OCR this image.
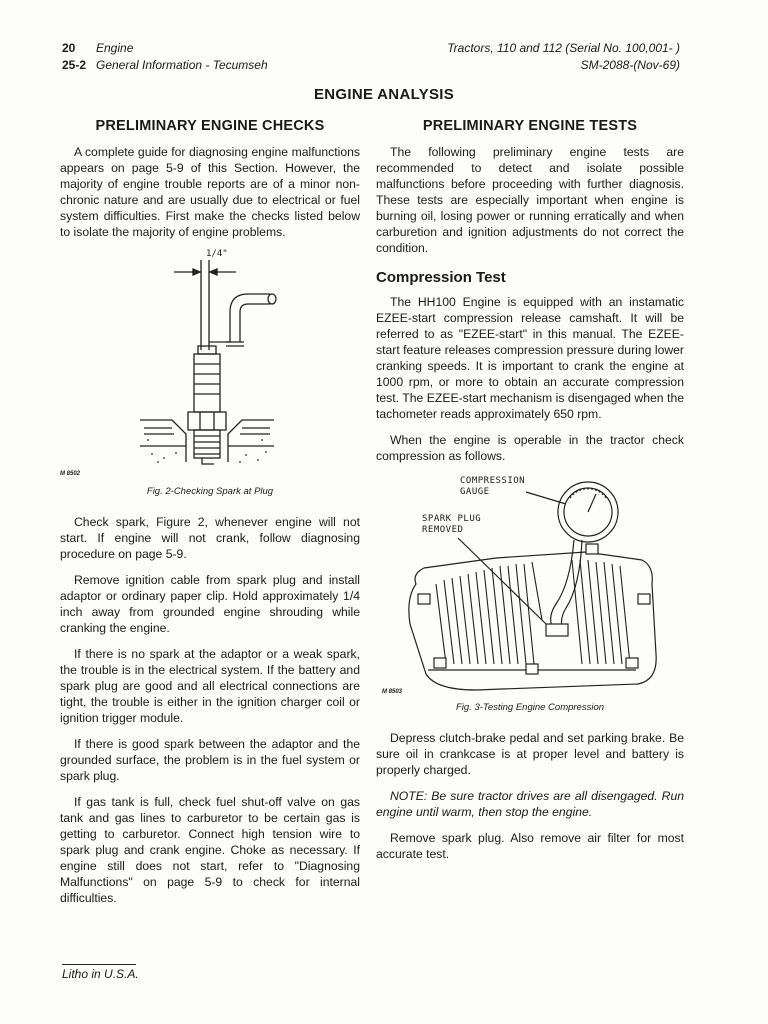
20 Engine
25-2 General Information - Tecumseh
Tractors, 110 and 112 (Serial No. 100,001- )
SM-2088-(Nov-69)
ENGINE ANALYSIS
PRELIMINARY ENGINE CHECKS

A complete guide for diagnosing engine malfunctions appears on page 5-9 of this Section. However, the majority of engine trouble reports are of a minor non-chronic nature and are usually due to electrical or fuel system difficulties. First make the checks listed below to isolate the majority of engine problems.

1/4"
M 8502
Fig. 2-Checking Spark at Plug

Check spark, Figure 2, whenever engine will not start. If engine will not crank, follow diagnosing procedure on page 5-9.

Remove ignition cable from spark plug and install adaptor or ordinary paper clip. Hold approximately 1/4 inch away from grounded engine shrouding while cranking the engine.

If there is no spark at the adaptor or a weak spark, the trouble is in the electrical system. If the battery and spark plug are good and all electrical connections are tight, the trouble is either in the ignition charger coil or ignition trigger module.

If there is good spark between the adaptor and the grounded surface, the problem is in the fuel system or spark plug.

If gas tank is full, check fuel shut-off valve on gas tank and gas lines to carburetor to be certain gas is getting to carburetor. Connect high tension wire to spark plug and crank engine. Choke as necessary. If engine still does not start, refer to "Diagnosing Malfunctions" on page 5-9 to check for internal difficulties.

PRELIMINARY ENGINE TESTS

The following preliminary engine tests are recommended to detect and isolate possible malfunctions before proceeding with further diagnosis. These tests are especially important when engine is burning oil, losing power or running erratically and when carburetion and ignition adjustments do not correct the condition.

Compression Test

The HH100 Engine is equipped with an instamatic EZEE-start compression release camshaft. It will be referred to as "EZEE-start" in this manual. The EZEE-start feature releases compression pressure during lower cranking speeds. It is important to crank the engine at 1000 rpm, or more to obtain an accurate compression test. The EZEE-start mechanism is disengaged when the tachometer reads approximately 650 rpm.

When the engine is operable in the tractor check compression as follows.

COMPRESSION
GAUGE
SPARK PLUG
REMOVED
M 8503
Fig. 3-Testing Engine Compression

Depress clutch-brake pedal and set parking brake. Be sure oil in crankcase is at proper level and battery is properly charged.

NOTE: Be sure tractor drives are all disengaged. Run engine until warm, then stop the engine.

Remove spark plug. Also remove air filter for most accurate test.

Litho in U.S.A.
